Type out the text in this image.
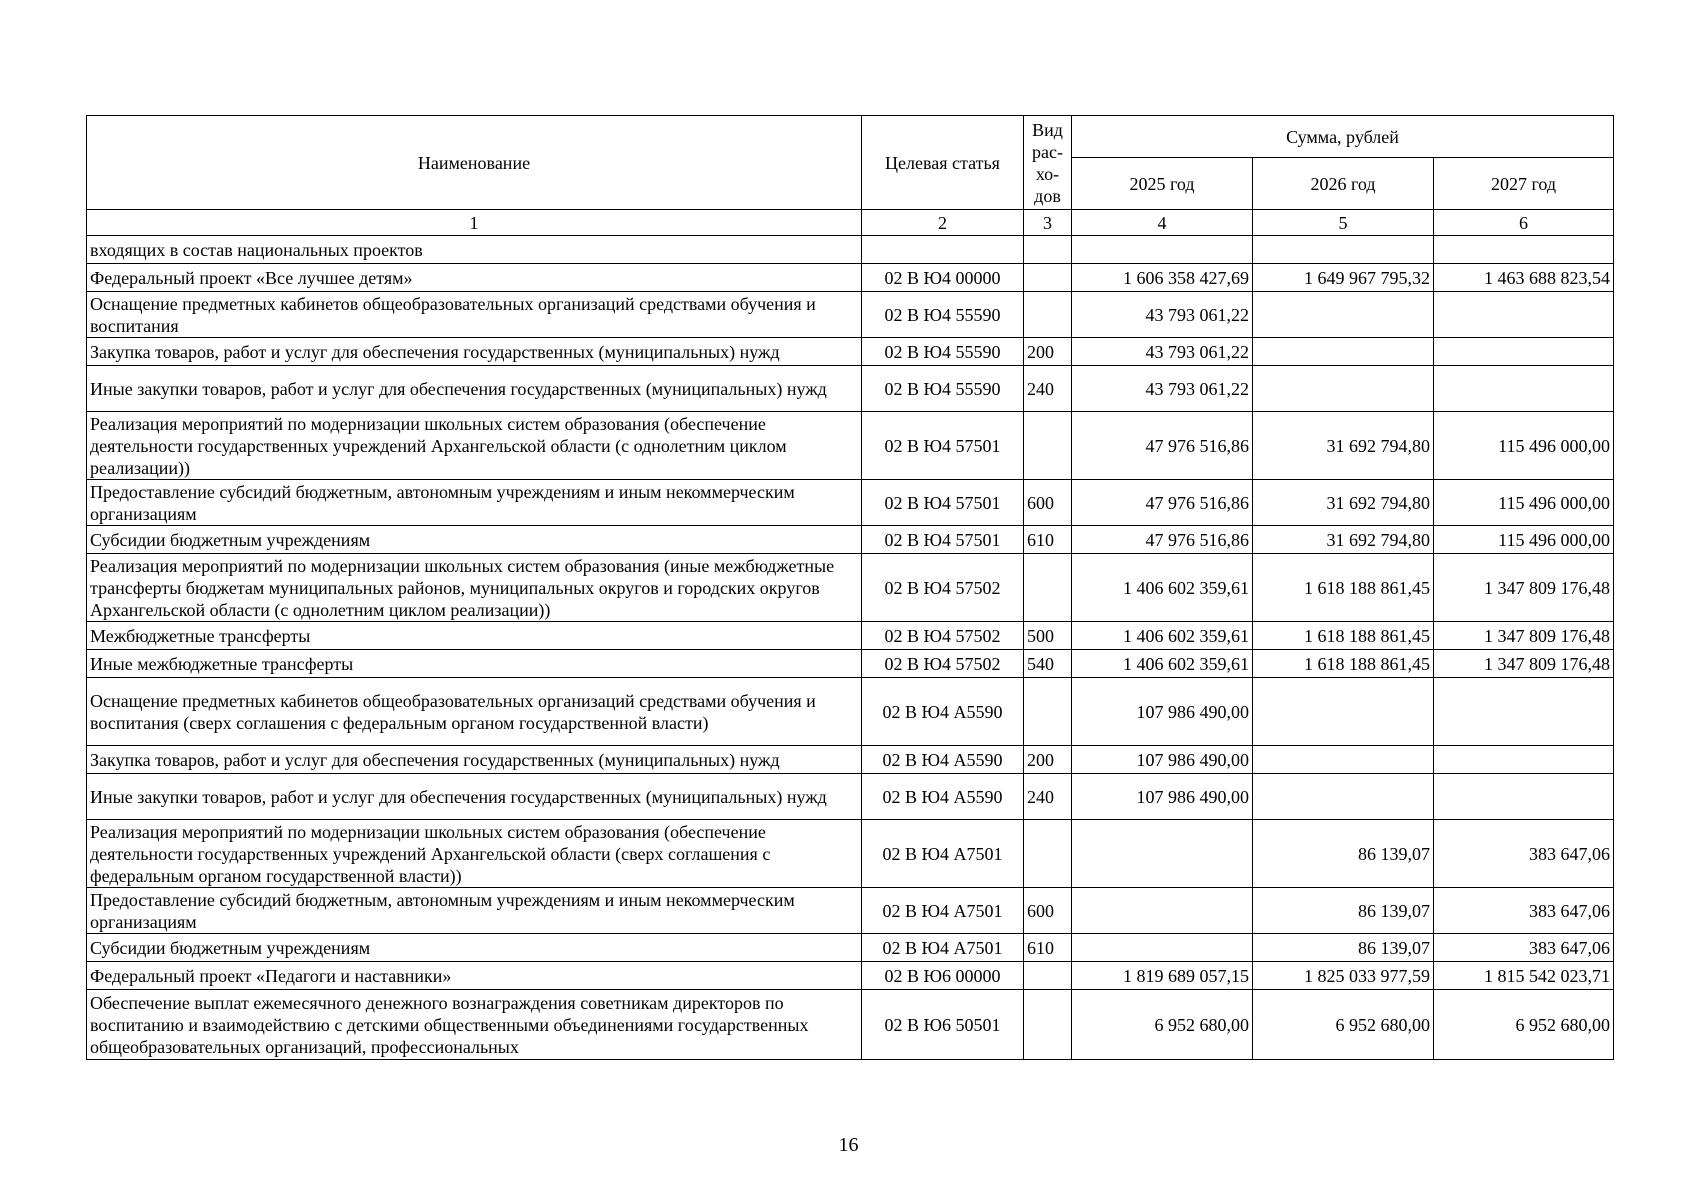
Наименование	Целевая статья	Вид
рас-
хо-
дов	Сумма, рублей		
			2025 год	2026 год	2027 год
1	2	3	4	5	6
входящих в состав национальных проектов					
Федеральный проект «Все лучшее детям»	02 В Ю4 00000		1 606 358 427,69	1 649 967 795,32	1 463 688 823,54
Оснащение предметных кабинетов общеобразовательных организаций средствами обучения и воспитания	02 В Ю4 55590		43 793 061,22		
Закупка товаров, работ и услуг для обеспечения государственных (муниципальных) нужд	02 В Ю4 55590	200	43 793 061,22		
Иные закупки товаров, работ и услуг для обеспечения государственных (муниципальных) нужд	02 В Ю4 55590	240	43 793 061,22		
Реализация мероприятий по модернизации школьных систем образования (обеспечение деятельности государственных учреждений Архангельской области (с однолетним циклом реализации))	02 В Ю4 57501		47 976 516,86	31 692 794,80	115 496 000,00
Предоставление субсидий бюджетным, автономным учреждениям и иным некоммерческим организациям	02 В Ю4 57501	600	47 976 516,86	31 692 794,80	115 496 000,00
Субсидии бюджетным учреждениям	02 В Ю4 57501	610	47 976 516,86	31 692 794,80	115 496 000,00
Реализация мероприятий по модернизации школьных систем образования (иные межбюджетные трансферты бюджетам муниципальных районов, муниципальных округов и городских округов Архангельской области (с однолетним циклом реализации))	02 В Ю4 57502		1 406 602 359,61	1 618 188 861,45	1 347 809 176,48
Межбюджетные трансферты	02 В Ю4 57502	500	1 406 602 359,61	1 618 188 861,45	1 347 809 176,48
Иные межбюджетные трансферты	02 В Ю4 57502	540	1 406 602 359,61	1 618 188 861,45	1 347 809 176,48
Оснащение предметных кабинетов общеобразовательных организаций средствами обучения и воспитания (сверх соглашения с федеральным органом государственной власти)	02 В Ю4 А5590		107 986 490,00		
Закупка товаров, работ и услуг для обеспечения государственных (муниципальных) нужд	02 В Ю4 А5590	200	107 986 490,00		
Иные закупки товаров, работ и услуг для обеспечения государственных (муниципальных) нужд	02 В Ю4 А5590	240	107 986 490,00		
Реализация мероприятий по модернизации школьных систем образования (обеспечение деятельности государственных учреждений Архангельской области (сверх соглашения с федеральным органом государственной власти))	02 В Ю4 А7501			86 139,07	383 647,06
Предоставление субсидий бюджетным, автономным учреждениям и иным некоммерческим организациям	02 В Ю4 А7501	600		86 139,07	383 647,06
Субсидии бюджетным учреждениям	02 В Ю4 А7501	610		86 139,07	383 647,06
Федеральный проект «Педагоги и наставники»	02 В Ю6 00000		1 819 689 057,15	1 825 033 977,59	1 815 542 023,71
Обеспечение выплат ежемесячного денежного вознаграждения советникам директоров по воспитанию и взаимодействию с детскими общественными объединениями государственных общеобразовательных организаций, профессиональных	02 В Ю6 50501		6 952 680,00	6 952 680,00	6 952 680,00
16
